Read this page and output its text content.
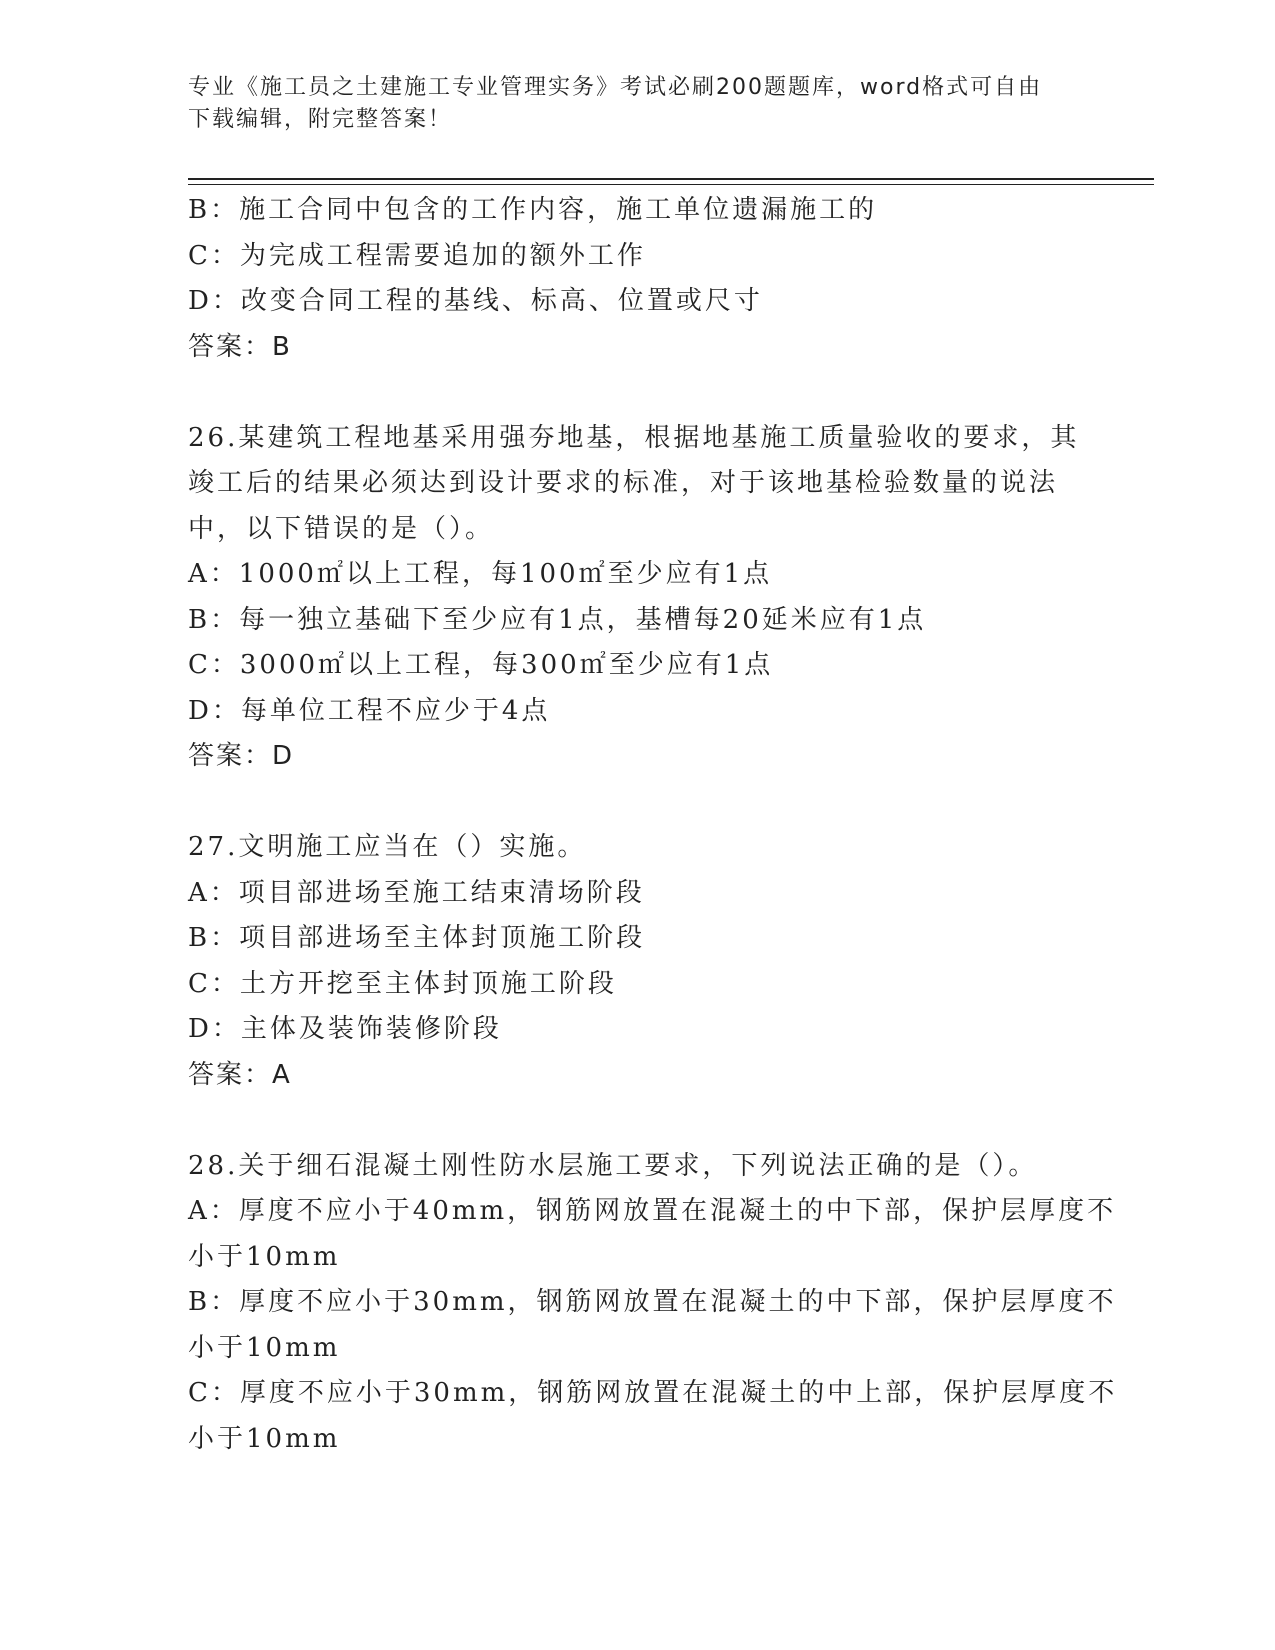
专业《施工员之土建施工专业管理实务》考试必刷200题题库，word格式可自由
下载编辑，附完整答案！
B：施工合同中包含的工作内容，施工单位遗漏施工的
C：为完成工程需要追加的额外工作
D：改变合同工程的基线、标高、位置或尺寸
答案：B
26.某建筑工程地基采用强夯地基，根据地基施工质量验收的要求，其
竣工后的结果必须达到设计要求的标准，对于该地基检验数量的说法
中，以下错误的是（）。
A：1000㎡以上工程，每100㎡至少应有1点
B：每一独立基础下至少应有1点，基槽每20延米应有1点
C：3000㎡以上工程，每300㎡至少应有1点
D：每单位工程不应少于4点
答案：D
27.文明施工应当在（）实施。
A：项目部进场至施工结束清场阶段
B：项目部进场至主体封顶施工阶段
C：土方开挖至主体封顶施工阶段
D：主体及装饰装修阶段
答案：A
28.关于细石混凝土刚性防水层施工要求，下列说法正确的是（）。
A：厚度不应小于40mm，钢筋网放置在混凝土的中下部，保护层厚度不
小于10mm
B：厚度不应小于30mm，钢筋网放置在混凝土的中下部，保护层厚度不
小于10mm
C：厚度不应小于30mm，钢筋网放置在混凝土的中上部，保护层厚度不
小于10mm
